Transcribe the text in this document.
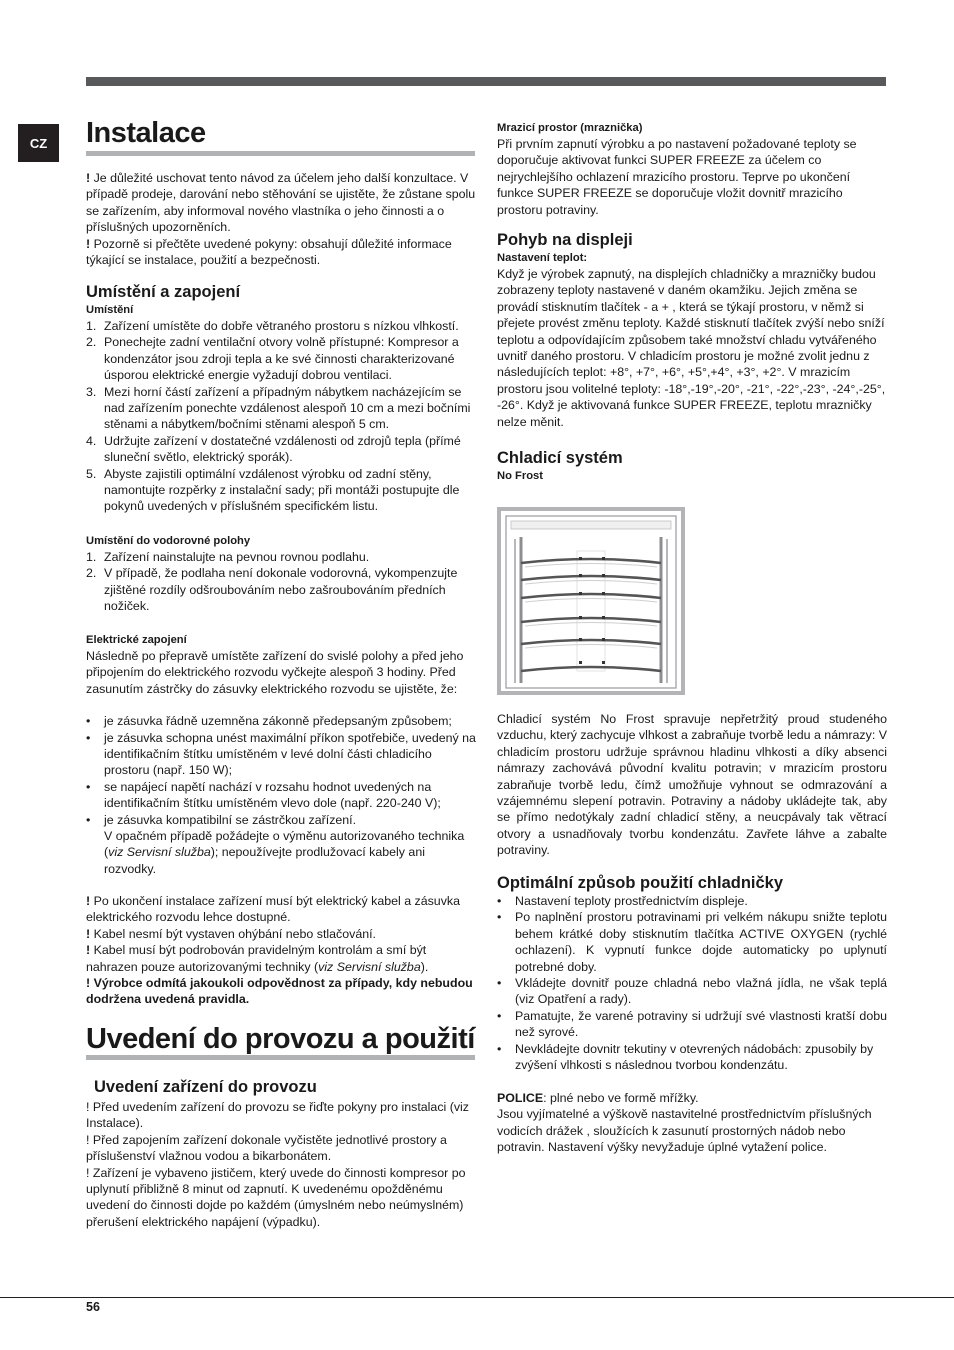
CZ	Instalace

! Je důležité uschovat tento návod za účelem jeho další konzultace. V případě prodeje, darování nebo stěhování se ujistěte, že zůstane spolu se zařízením, aby informoval nového vlastníka o jeho činnosti a o příslušných upozorněních.

! Pozorně si přečtěte uvedené pokyny: obsahují důležité informace týkající se instalace, použití a bezpečnosti.

Umístění a zapojení
Umístění
1. Zařízení umístěte do dobře větraného prostoru s nízkou vlhkostí.
2. Ponechejte zadní ventilační otvory volně přístupné: Kompresor a kondenzátor jsou zdroji tepla a ke své činnosti charakterizované úsporou elektrické energie vyžadují dobrou ventilaci.
3. Mezi horní částí zařízení a případným nábytkem nacházejícím se nad zařízením ponechte vzdálenost alespoň 10 cm a mezi bočními stěnami a nábytkem/bočními stěnami alespoň 5 cm.
4. Udržujte zařízení v dostatečné vzdálenosti od zdrojů tepla (přímé sluneční světlo, elektrický sporák).
5. Abyste zajistili optimální vzdálenost výrobku od zadní stěny, namontujte rozpěrky z instalační sady; při montáži postupujte dle pokynů uvedených v příslušném specifickém listu.
Umístění do vodorovné polohy
1. Zařízení nainstalujte na pevnou rovnou podlahu.
2. V případě, že podlaha není dokonale vodorovná, vykompenzujte zjištěné rozdíly odšroubováním nebo zašroubováním předních nožiček.
Elektrické zapojení

Následně po přepravě umístěte zařízení do svislé polohy a před jeho připojením do elektrického rozvodu vyčkejte alespoň 3 hodiny. Před zasunutím zástrčky do zásuvky elektrického rozvodu se ujistěte, že:

• je zásuvka řádně uzemněna zákonně předepsaným způsobem;
• je zásuvka schopna unést maximální příkon spotřebiče, uvedený na identifikačním štítku umístěném v levé dolní části chladicího prostoru (např. 150 W);
• se napájecí napětí nachází v rozsahu hodnot uvedených na identifikačním štítku umístěném vlevo dole (např. 220-240 V);
• je zásuvka kompatibilní se zástrčkou zařízení.

V opačném případě požádejte o výměnu autorizovaného technika (viz Servisní služba); nepoužívejte prodlužovací kabely ani rozvodky.

! Po ukončení instalace zařízení musí být elektrický kabel a zásuvka elektrického rozvodu lehce dostupné.

! Kabel nesmí být vystaven ohýbání nebo stlačování.

! Kabel musí být podrobován pravidelným kontrolám a smí být nahrazen pouze autorizovanými techniky (viz Servisní služba).

! Výrobce odmítá jakoukoli odpovědnost za případy, kdy nebudou dodržena uvedená pravidla.

Uvedení do provozu a použití
Uvedení zařízení do provozu

! Před uvedením zařízení do provozu se řiďte pokyny pro instalaci (viz Instalace).

! Před zapojením zařízení dokonale vyčistěte jednotlivé prostory a příslušenství vlažnou vodou a bikarbonátem.

! Zařízení je vybaveno jističem, který uvede do činnosti kompresor po uplynutí přibližně 8 minut od zapnutí. K uvedenému opožděnému uvedení do činnosti dojde po každém (úmyslném nebo neúmyslném) přerušení elektrického napájení (výpadku).

Mrazicí prostor (mraznička)

Při prvním zapnutí výrobku a po nastavení požadované teploty se doporučuje aktivovat funkci SUPER FREEZE za účelem co nejrychlejšího ochlazení mrazicího prostoru. Teprve po ukončení funkce SUPER FREEZE se doporučuje vložit dovnitř mrazicího prostoru potraviny.

Pohyb na displeji
Nastavení teplot:

Když je výrobek zapnutý, na displejích chladničky a mrazničky budou zobrazeny teploty nastavené v daném okamžiku. Jejich změna se provádí stisknutím tlačítek - a + , která se týkají prostoru, v němž si přejete provést změnu teploty. Každé stisknutí tlačítek zvýší nebo sníží teplotu a odpovídajícím způsobem také množství chladu vytvářeného uvnitř daného prostoru. V chladicím prostoru je možné zvolit jednu z následujících teplot: +8°, +7°, +6°, +5°,+4°, +3°, +2°. V mrazicím prostoru jsou volitelné teploty: -18°,-19°,-20°, -21°, -22°,-23°, -24°,-25°, -26°. Když je aktivovaná funkce SUPER FREEZE, teplotu mrazničky nelze měnit.

Chladicí systém
No Frost

Chladicí systém No Frost spravuje nepřetržitý proud studeného vzduchu, který zachycuje vlhkost a zabraňuje tvorbě ledu a námrazy: V chladicím prostoru udržuje správnou hladinu vlhkosti a díky absenci námrazy zachovává původní kvalitu potravin; v mrazicím prostoru zabraňuje tvorbě ledu, čímž umožňuje vyhnout se odmrazování a vzájemnému slepení potravin. Potraviny a nádoby ukládejte tak, aby se přímo nedotýkaly zadní chladicí stěny, a neucpávaly tak větrací otvory a usnadňovaly tvorbu kondenzátu. Zavřete láhve a zabalte potraviny.

Optimální způsob použití chladničky
• Nastavení teploty prostřednictvím displeje.
• Po naplnění prostoru potravinami pri velkém nákupu snižte teplotu behem krátké doby stisknutím tlačítka ACTIVE OXYGEN (rychlé ochlazení). K vypnutí funkce dojde automaticky po uplynutí potrebné doby.
• Vkládejte dovnitř pouze chladná nebo vlažná jídla, ne však teplá (viz Opatření a rady).
• Pamatujte, že varené potraviny si udržují své vlastnosti kratší dobu než syrové.
• Nevkládejte dovnitr tekutiny v otevrených nádobách: zpusobily by zvýšení vlhkosti s následnou tvorbou kondenzátu.

POLICE: plné nebo ve formě mřížky.

Jsou vyjímatelné a výškově nastavitelné prostřednictvím příslušných vodicích drážek , sloužících k zasunutí prostorných nádob nebo potravin. Nastavení výšky nevyžaduje úplné vytažení police.

56
